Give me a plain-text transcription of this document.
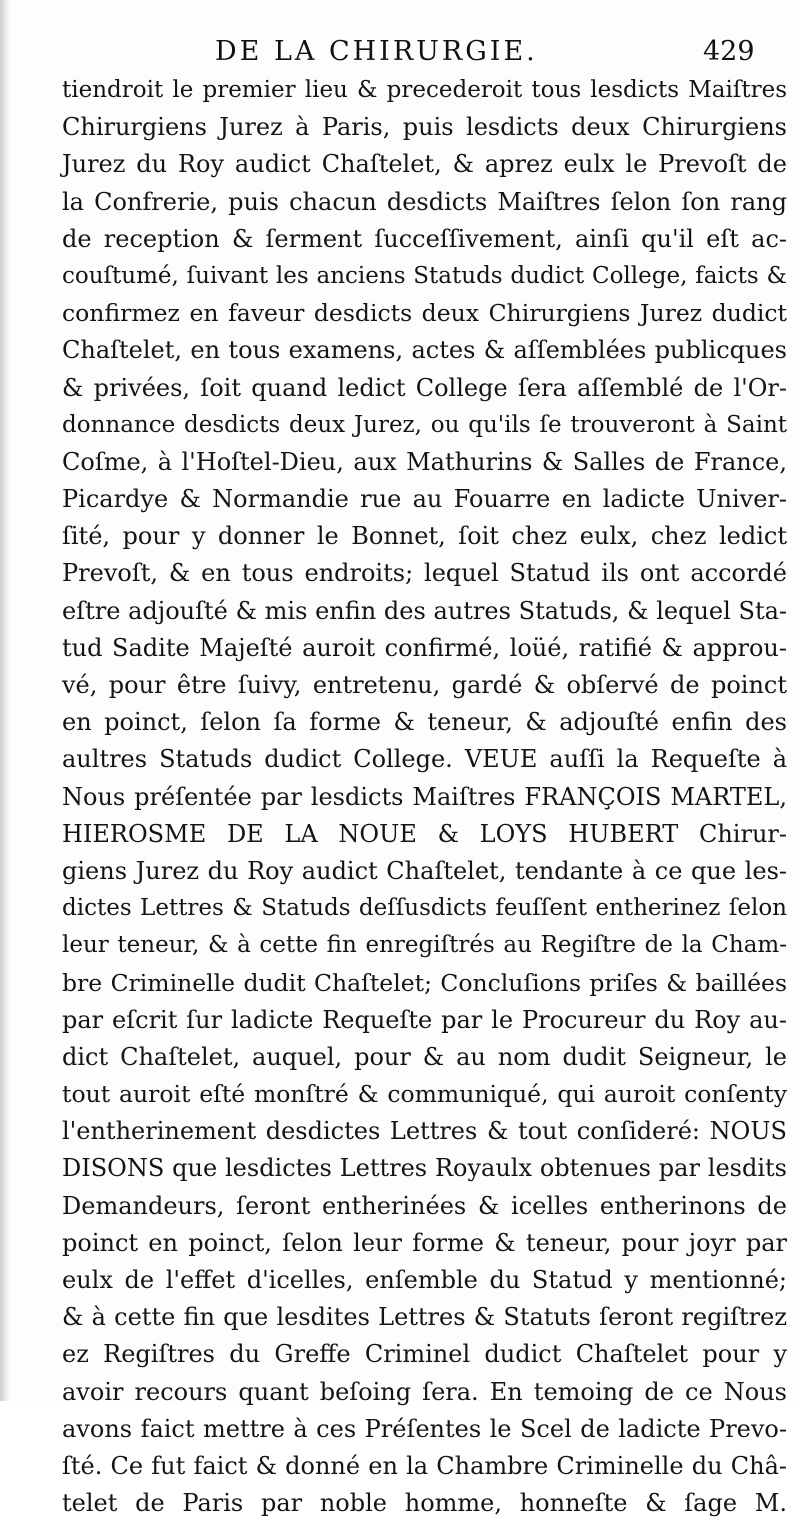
DE LA CHIRURGIE.	429
tiendroit le premier lieu & precederoit tous lesdicts Maiſtres
Chirurgiens Jurez à Paris, puis lesdicts deux Chirurgiens
Jurez du Roy audict Chaſtelet, & aprez eulx le Prevoſt de
la Confrerie, puis chacun desdicts Maiſtres ſelon ſon rang
de reception & ſerment ſucceſſivement, ainſi qu'il eſt ac-
couſtumé, ſuivant les anciens Statuds dudict College, faicts &
confirmez en faveur desdicts deux Chirurgiens Jurez dudict
Chaſtelet, en tous examens, actes & aſſemblées publicques
& privées, ſoit quand ledict College ſera aſſemblé de l'Or-
donnance desdicts deux Jurez, ou qu'ils ſe trouveront à Saint
Coſme, à l'Hoſtel-Dieu, aux Mathurins & Salles de France,
Picardye & Normandie rue au Fouarre en ladicte Univer-
ſité, pour y donner le Bonnet, ſoit chez eulx, chez ledict
Prevoſt, & en tous endroits; lequel Statud ils ont accordé
eſtre adjouſté & mis enfin des autres Statuds, & lequel Sta-
tud Sadite Majeſté auroit confirmé, loüé, ratifié & approu-
vé, pour être ſuivy, entretenu, gardé & obſervé de poinct
en poinct, ſelon ſa forme & teneur, & adjouſté enfin des
aultres Statuds dudict College. VEUE auſſi la Requeſte à
Nous préſentée par lesdicts Maiſtres FRANÇOIS MARTEL,
HIEROSME DE LA NOUE & LOYS HUBERT Chirur-
giens Jurez du Roy audict Chaſtelet, tendante à ce que les-
dictes Lettres & Statuds deſſusdicts feuſſent entherinez ſelon
leur teneur, & à cette fin enregiſtrés au Regiſtre de la Cham-
bre Criminelle dudit Chaſtelet; Concluſions priſes & baillées
par eſcrit ſur ladicte Requeſte par le Procureur du Roy au-
dict Chaſtelet, auquel, pour & au nom dudit Seigneur, le
tout auroit eſté monſtré & communiqué, qui auroit conſenty
l'entherinement desdictes Lettres & tout conſideré: NOUS
DISONS que lesdictes Lettres Royaulx obtenues par lesdits
Demandeurs, ſeront entherinées & icelles entherinons de
poinct en poinct, ſelon leur forme & teneur, pour joyr par
eulx de l'effet d'icelles, enſemble du Statud y mentionné;
& à cette fin que lesdites Lettres & Statuts ſeront regiſtrez
ez Regiſtres du Greffe Criminel dudict Chaſtelet pour y
avoir recours quant beſoing ſera. En temoing de ce Nous
avons faict mettre à ces Préſentes le Scel de ladicte Prevo-
ſté. Ce fut faict & donné en la Chambre Criminelle du Châ-
telet de Paris par noble homme, honneſte & ſage M.
